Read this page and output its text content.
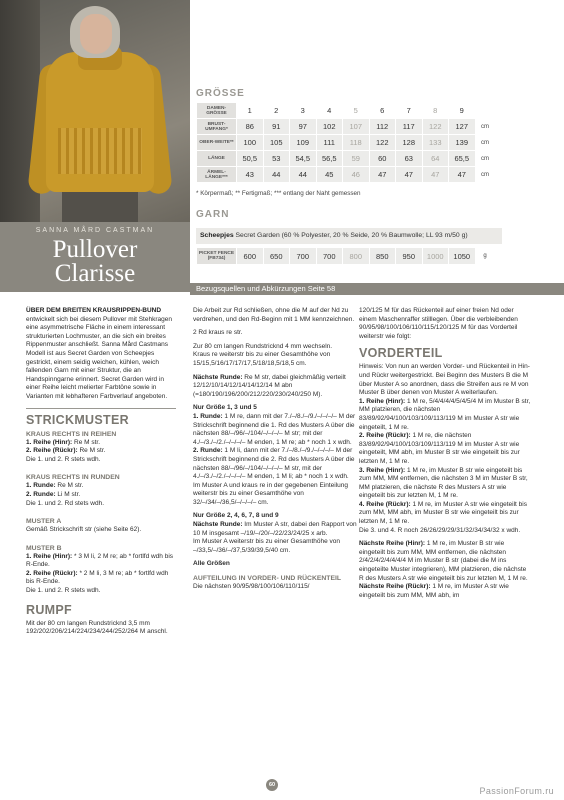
SANNA MÅRD CASTMAN
Pullover
Clarisse
GRÖSSE
DAMEN-GRÖSSE	1	2	3	4	5	6	7	8	9	
BRUST-UMFANG*	86	91	97	102	107	112	117	122	127	cm
OBER-WEITE**	100	105	109	111	118	122	128	133	139	cm
LÄNGE	50,5	53	54,5	56,5	59	60	63	64	65,5	cm
ÄRMEL-LÄNGE***	43	44	44	45	46	47	47	47	47	cm
* Körpermaß; ** Fertigmaß; *** entlang der Naht gemessen
GARN
Scheepjes Secret Garden (60 % Polyester, 20 % Seide, 20 % Baumwolle; LL 93 m/50 g)
PICKET FENCE (FB734)	600	650	700	700	800	850	950	1000	1050	g
Bezugsquellen und Abkürzungen Seite 58

ÜBER DEM BREITEN KRAUSRIPPEN-BUND entwickelt sich bei diesem Pullover mit Stehkragen eine asymmetrische Fläche in einem interessant strukturierten Lochmuster, an die sich ein breites Rippenmuster anschließt. Sanna Mård Castmans Modell ist aus Secret Garden von Scheepjes gestrickt, einem seidig weichen, kühlen, weich fallenden Garn mit einer Struktur, die an Handspinngarne erinnert. Secret Garden wird in einer Reihe leicht melierter Farbtöne sowie in Varianten mit lebhafteren Farbverlauf angeboten.

STRICKMUSTER
KRAUS RECHTS IN REIHEN
1. Reihe (Hinr): Re M str.
2. Reihe (Rückr): Re M str.
Die 1. und 2. R stets wdh.
KRAUS RECHTS IN RUNDEN
1. Runde: Re M str.
2. Runde: Li M str.
Die 1. und 2. Rd stets wdh.
MUSTER A
Gemäß Strickschrift str (siehe Seite 62).
MUSTER B
1. Reihe (Hinr): * 3 M li, 2 M re; ab * fortlfd wdh bis R-Ende.
2. Reihe (Rückr): * 2 M li, 3 M re; ab * fortlfd wdh bis R-Ende.
Die 1. und 2. R stets wdh.
RUMPF
Mit der 80 cm langen Rundstricknd 3,5 mm 192/202/206/214/224/234/244/252/264 M anschl.

Die Arbeit zur Rd schließen, ohne die M auf der Nd zu verdrehen, und den Rd-Beginn mit 1 MM kennzeichnen.

2 Rd kraus re str.

Zur 80 cm langen Rundstricknd 4 mm wechseln.

Kraus re weiterstr bis zu einer Gesamthöhe von 15/15,5/16/17/17/17,5/18/18,5/18,5 cm.

Nächste Runde: Re M str, dabei gleichmäßig verteilt 12/12/10/14/12/14/14/12/14 M abn (=180/190/196/200/212/220/230/240/250 M).

Nur Größe 1, 3 und 5
1. Runde: 1 M re, dann mit der 7./–/8./–/9./–/–/–/– M der Strickschrift beginnend die 1. Rd des Musters A über die nächsten 88/–/96/–/104/–/–/–/– M str; mit der 4./–/3./–/2./–/–/–/– M enden, 1 M re; ab * noch 1 x wdh.
2. Runde: 1 M li, dann mit der 7./–/8./–/9./–/–/–/– M der Strickschrift beginnend die 2. Rd des Musters A über die nächsten 88/–/96/–/104/–/–/–/– M str, mit der 4./–/3./–/2./–/–/–/– M enden, 1 M li; ab * noch 1 x wdh.

Im Muster A und kraus re in der gegebenen Einteilung weiterstr bis zu einer Gesamthöhe von 32/–/34/–/36,5/–/–/–/– cm.

Nur Größe 2, 4, 6, 7, 8 und 9
Nächste Runde: Im Muster A str, dabei den Rapport von 10 M insgesamt –/19/–/20/–/22/23/24/25 x arb.

Im Muster A weiterstr bis zu einer Gesamthöhe von –/33,5/–/36/–/37,5/39/39,5/40 cm.

Alle Größen

AUFTEILUNG IN VORDER- UND RÜCKENTEIL
Die nächsten 90/95/98/100/106/110/115/

120/125 M für das Rückenteil auf einer freien Nd oder einem Maschenraffer stilllegen. Über die verbleibenden 90/95/98/100/106/110/115/120/125 M für das Vorderteil weiterstr wie folgt:

VORDERTEIL
Hinweis: Von nun an werden Vorder- und Rückenteil in Hin- und Rückr weitergestrickt. Bei Beginn des Musters B die M über Muster A so anordnen, dass die Streifen aus re M von Muster B über denen von Muster A weiterlaufen.
1. Reihe (Hinr): 1 M re, 5/4/4/4/4/5/4/5/4 M im Muster B str, MM platzieren, die nächsten 83/89/92/94/100/103/109/113/119 M im Muster A str wie eingeteilt, 1 M re.
2. Reihe (Rückr): 1 M re, die nächsten 83/89/92/94/100/103/109/113/119 M im Muster A str wie eingeteilt, MM abh, im Muster B str wie eingeteilt bis zur letzten M, 1 M re.
3. Reihe (Hinr): 1 M re, im Muster B str wie eingeteilt bis zum MM, MM entfernen, die nächsten 3 M im Muster B str, MM platzieren, die nächste R des Musters A str wie eingeteilt bis zur letzten M, 1 M re.
4. Reihe (Rückr): 1 M re, im Muster A str wie eingeteilt bis zum MM, MM abh, im Muster B str wie eingeteilt bis zur letzten M, 1 M re.

Die 3. und 4. R noch 26/26/29/29/31/32/34/34/32 x wdh.

Nächste Reihe (Hinr): 1 M re, im Muster B str wie eingeteilt bis zum MM, MM entfernen, die nächsten 2/4/2/4/2/4/4/4/4 M im Muster B str (dabei die M ins eingeteilte Muster integrieren), MM platzieren, die nächste R des Musters A str wie eingeteilt bis zur letzten M, 1 M re.
Nächste Reihe (Rückr): 1 M re, im Muster A str wie eingeteilt bis zum MM, MM abh, im
60
PassionForum.ru
